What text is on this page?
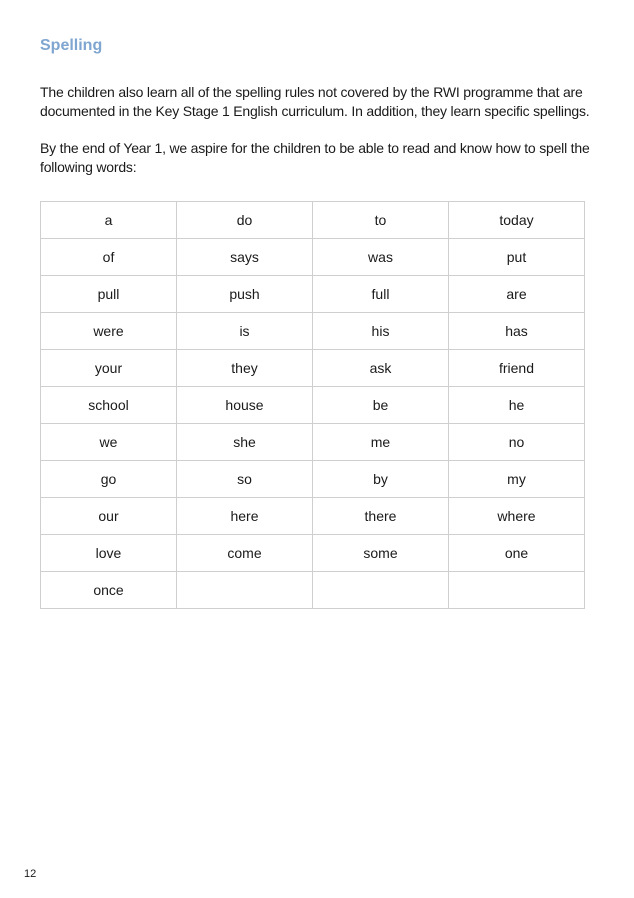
Spelling

The children also learn all of the spelling rules not covered by the RWI programme that are documented in the Key Stage 1 English curriculum. In addition, they learn specific spellings.

By the end of Year 1, we aspire for the children to be able to read and know how to spell the following words:

a	do	to	today
of	says	was	put
pull	push	full	are
were	is	his	has
your	they	ask	friend
school	house	be	he
we	she	me	no
go	so	by	my
our	here	there	where
love	come	some	one
once			
12
